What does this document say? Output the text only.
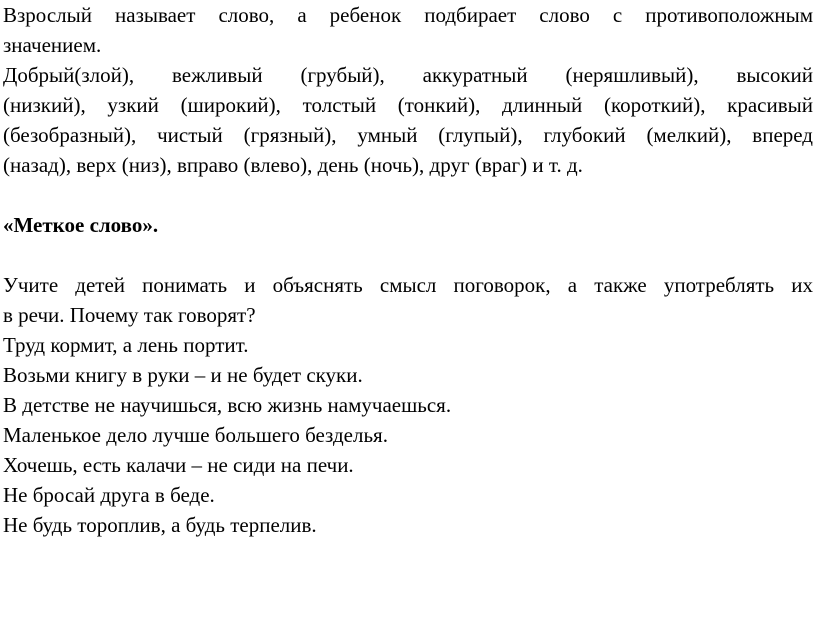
Взрослый называет слово, а ребенок подбирает слово с противоположным
значением.
Добрый(злой), вежливый (грубый), аккуратный (неряшливый), высокий
(низкий), узкий (широкий), толстый (тонкий), длинный (короткий), красивый
(безобразный), чистый (грязный), умный (глупый), глубокий (мелкий), вперед
(назад), верх (низ), вправо (влево), день (ночь), друг (враг) и т. д.
«Меткое слово».
Учите детей понимать и объяснять смысл поговорок, а также употреблять их
в речи. Почему так говорят?
Труд кормит, а лень портит.
Возьми книгу в руки – и не будет скуки.
В детстве не научишься, всю жизнь намучаешься.
Маленькое дело лучше большего безделья.
Хочешь, есть калачи – не сиди на печи.
Не бросай друга в беде.
Не будь тороплив, а будь терпелив.
